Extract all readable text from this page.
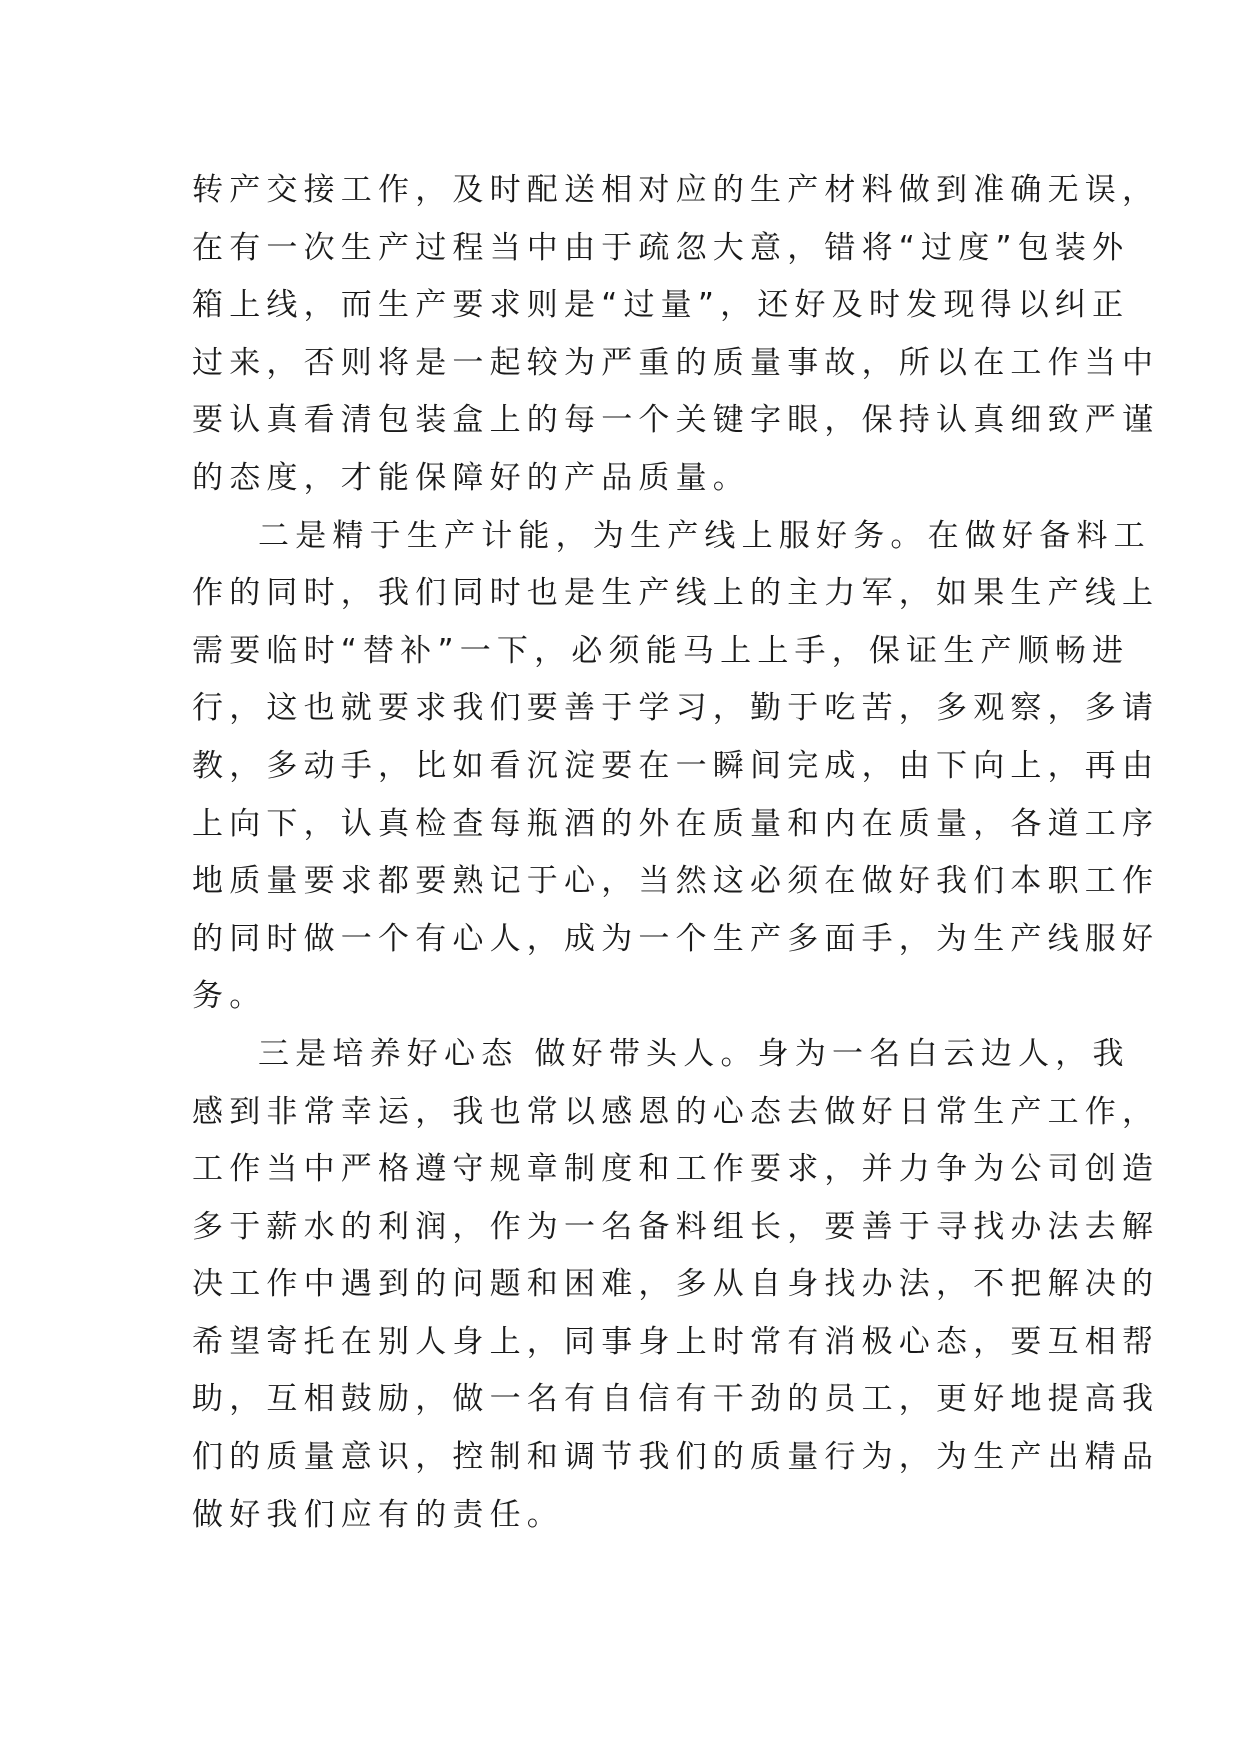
转产交接工作，及时配送相对应的生产材料做到准确无误，
在有一次生产过程当中由于疏忽大意，错将“过度”包装外
箱上线，而生产要求则是“过量”，还好及时发现得以纠正
过来，否则将是一起较为严重的质量事故，所以在工作当中
要认真看清包装盒上的每一个关键字眼，保持认真细致严谨
的态度，才能保障好的产品质量。
二是精于生产计能，为生产线上服好务。在做好备料工
作的同时，我们同时也是生产线上的主力军，如果生产线上
需要临时“替补”一下，必须能马上上手，保证生产顺畅进
行，这也就要求我们要善于学习，勤于吃苦，多观察，多请
教，多动手，比如看沉淀要在一瞬间完成，由下向上，再由
上向下，认真检查每瓶酒的外在质量和内在质量，各道工序
地质量要求都要熟记于心，当然这必须在做好我们本职工作
的同时做一个有心人，成为一个生产多面手，为生产线服好
务。
三是培养好心态 做好带头人。身为一名白云边人，我
感到非常幸运，我也常以感恩的心态去做好日常生产工作，
工作当中严格遵守规章制度和工作要求，并力争为公司创造
多于薪水的利润，作为一名备料组长，要善于寻找办法去解
决工作中遇到的问题和困难，多从自身找办法，不把解决的
希望寄托在别人身上，同事身上时常有消极心态，要互相帮
助，互相鼓励，做一名有自信有干劲的员工，更好地提高我
们的质量意识，控制和调节我们的质量行为，为生产出精品
做好我们应有的责任。
